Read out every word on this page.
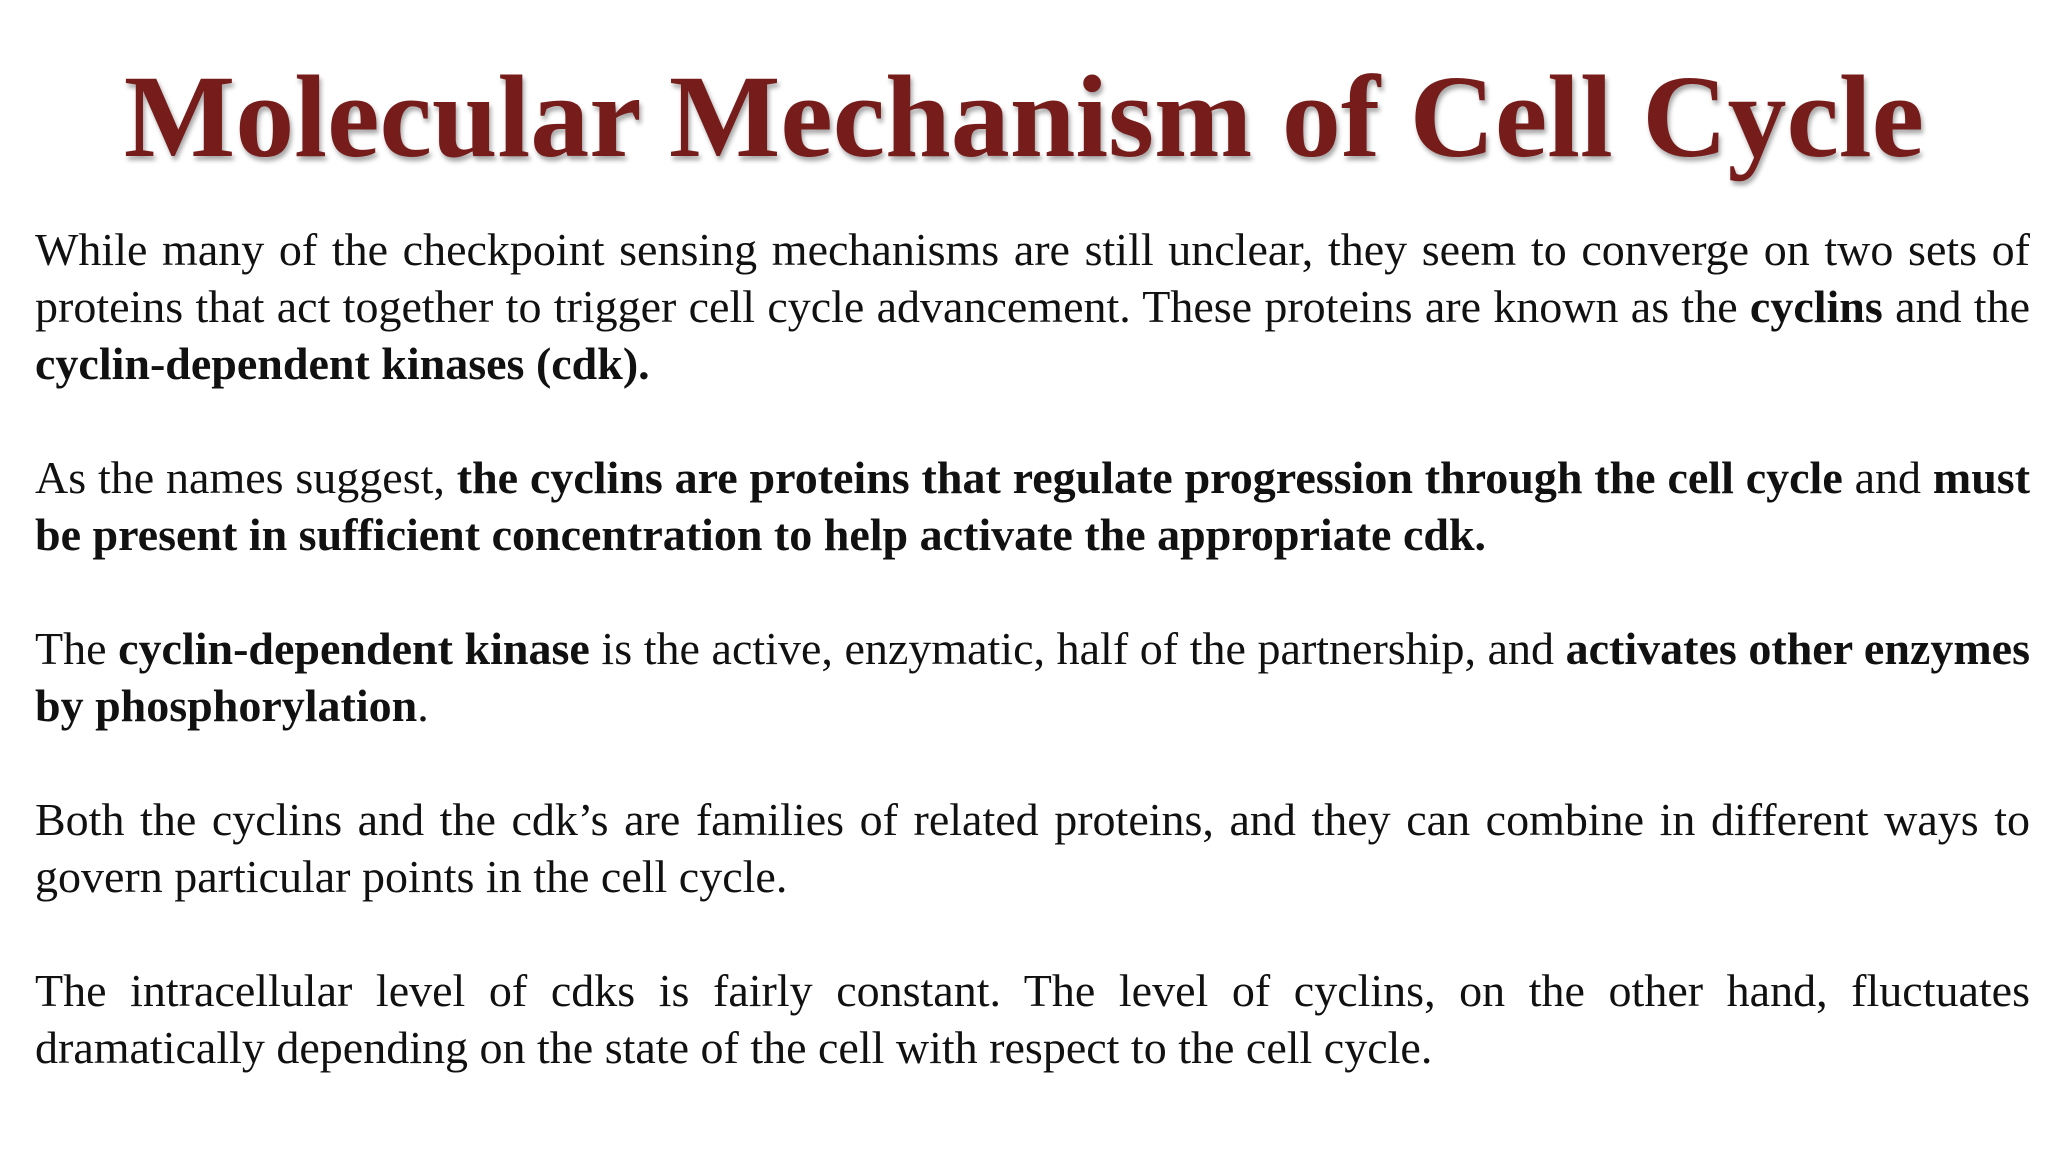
Molecular Mechanism of Cell Cycle

While many of the checkpoint sensing mechanisms are still unclear, they seem to converge on two sets of proteins that act together to trigger cell cycle advancement. These proteins are known as the cyclins and the cyclin-dependent kinases (cdk).

As the names suggest, the cyclins are proteins that regulate progression through the cell cycle and must be present in sufficient concentration to help activate the appropriate cdk.

The cyclin-dependent kinase is the active, enzymatic, half of the partnership, and activates other enzymes by phosphorylation.

Both the cyclins and the cdk’s are families of related proteins, and they can combine in different ways to govern particular points in the cell cycle.

The intracellular level of cdks is fairly constant. The level of cyclins, on the other hand, fluctuates dramatically depending on the state of the cell with respect to the cell cycle.
